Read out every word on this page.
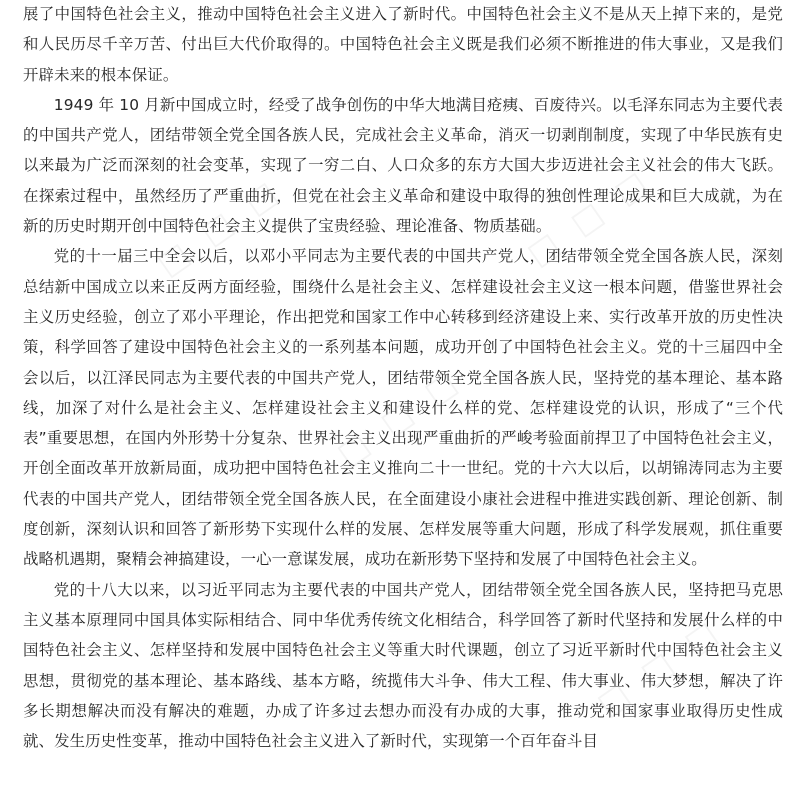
展了中国特色社会主义，推动中国特色社会主义进入了新时代。中国特色社会主义不是从天上掉下来的，是党和人民历尽千辛万苦、付出巨大代价取得的。中国特色社会主义既是我们必须不断推进的伟大事业，又是我们开辟未来的根本保证。

1949 年 10 月新中国成立时，经受了战争创伤的中华大地满目疮痍、百废待兴。以毛泽东同志为主要代表的中国共产党人，团结带领全党全国各族人民，完成社会主义革命，消灭一切剥削制度，实现了中华民族有史以来最为广泛而深刻的社会变革，实现了一穷二白、人口众多的东方大国大步迈进社会主义社会的伟大飞跃。在探索过程中，虽然经历了严重曲折，但党在社会主义革命和建设中取得的独创性理论成果和巨大成就，为在新的历史时期开创中国特色社会主义提供了宝贵经验、理论准备、物质基础。

党的十一届三中全会以后，以邓小平同志为主要代表的中国共产党人，团结带领全党全国各族人民，深刻总结新中国成立以来正反两方面经验，围绕什么是社会主义、怎样建设社会主义这一根本问题，借鉴世界社会主义历史经验，创立了邓小平理论，作出把党和国家工作中心转移到经济建设上来、实行改革开放的历史性决策，科学回答了建设中国特色社会主义的一系列基本问题，成功开创了中国特色社会主义。党的十三届四中全会以后，以江泽民同志为主要代表的中国共产党人，团结带领全党全国各族人民，坚持党的基本理论、基本路线，加深了对什么是社会主义、怎样建设社会主义和建设什么样的党、怎样建设党的认识，形成了“三个代表”重要思想，在国内外形势十分复杂、世界社会主义出现严重曲折的严峻考验面前捍卫了中国特色社会主义，开创全面改革开放新局面，成功把中国特色社会主义推向二十一世纪。党的十六大以后，以胡锦涛同志为主要代表的中国共产党人，团结带领全党全国各族人民，在全面建设小康社会进程中推进实践创新、理论创新、制度创新，深刻认识和回答了新形势下实现什么样的发展、怎样发展等重大问题，形成了科学发展观，抓住重要战略机遇期，聚精会神搞建设，一心一意谋发展，成功在新形势下坚持和发展了中国特色社会主义。

党的十八大以来，以习近平同志为主要代表的中国共产党人，团结带领全党全国各族人民，坚持把马克思主义基本原理同中国具体实际相结合、同中华优秀传统文化相结合，科学回答了新时代坚持和发展什么样的中国特色社会主义、怎样坚持和发展中国特色社会主义等重大时代课题，创立了习近平新时代中国特色社会主义思想，贯彻党的基本理论、基本路线、基本方略，统揽伟大斗争、伟大工程、伟大事业、伟大梦想，解决了许多长期想解决而没有解决的难题，办成了许多过去想办而没有办成的大事，推动党和国家事业取得历史性成就、发生历史性变革，推动中国特色社会主义进入了新时代，实现第一个百年奋斗目

☐ ☐ ☐	☐ ☐ ☐
☐ ☐ ☐
☐ ☐ ☐
